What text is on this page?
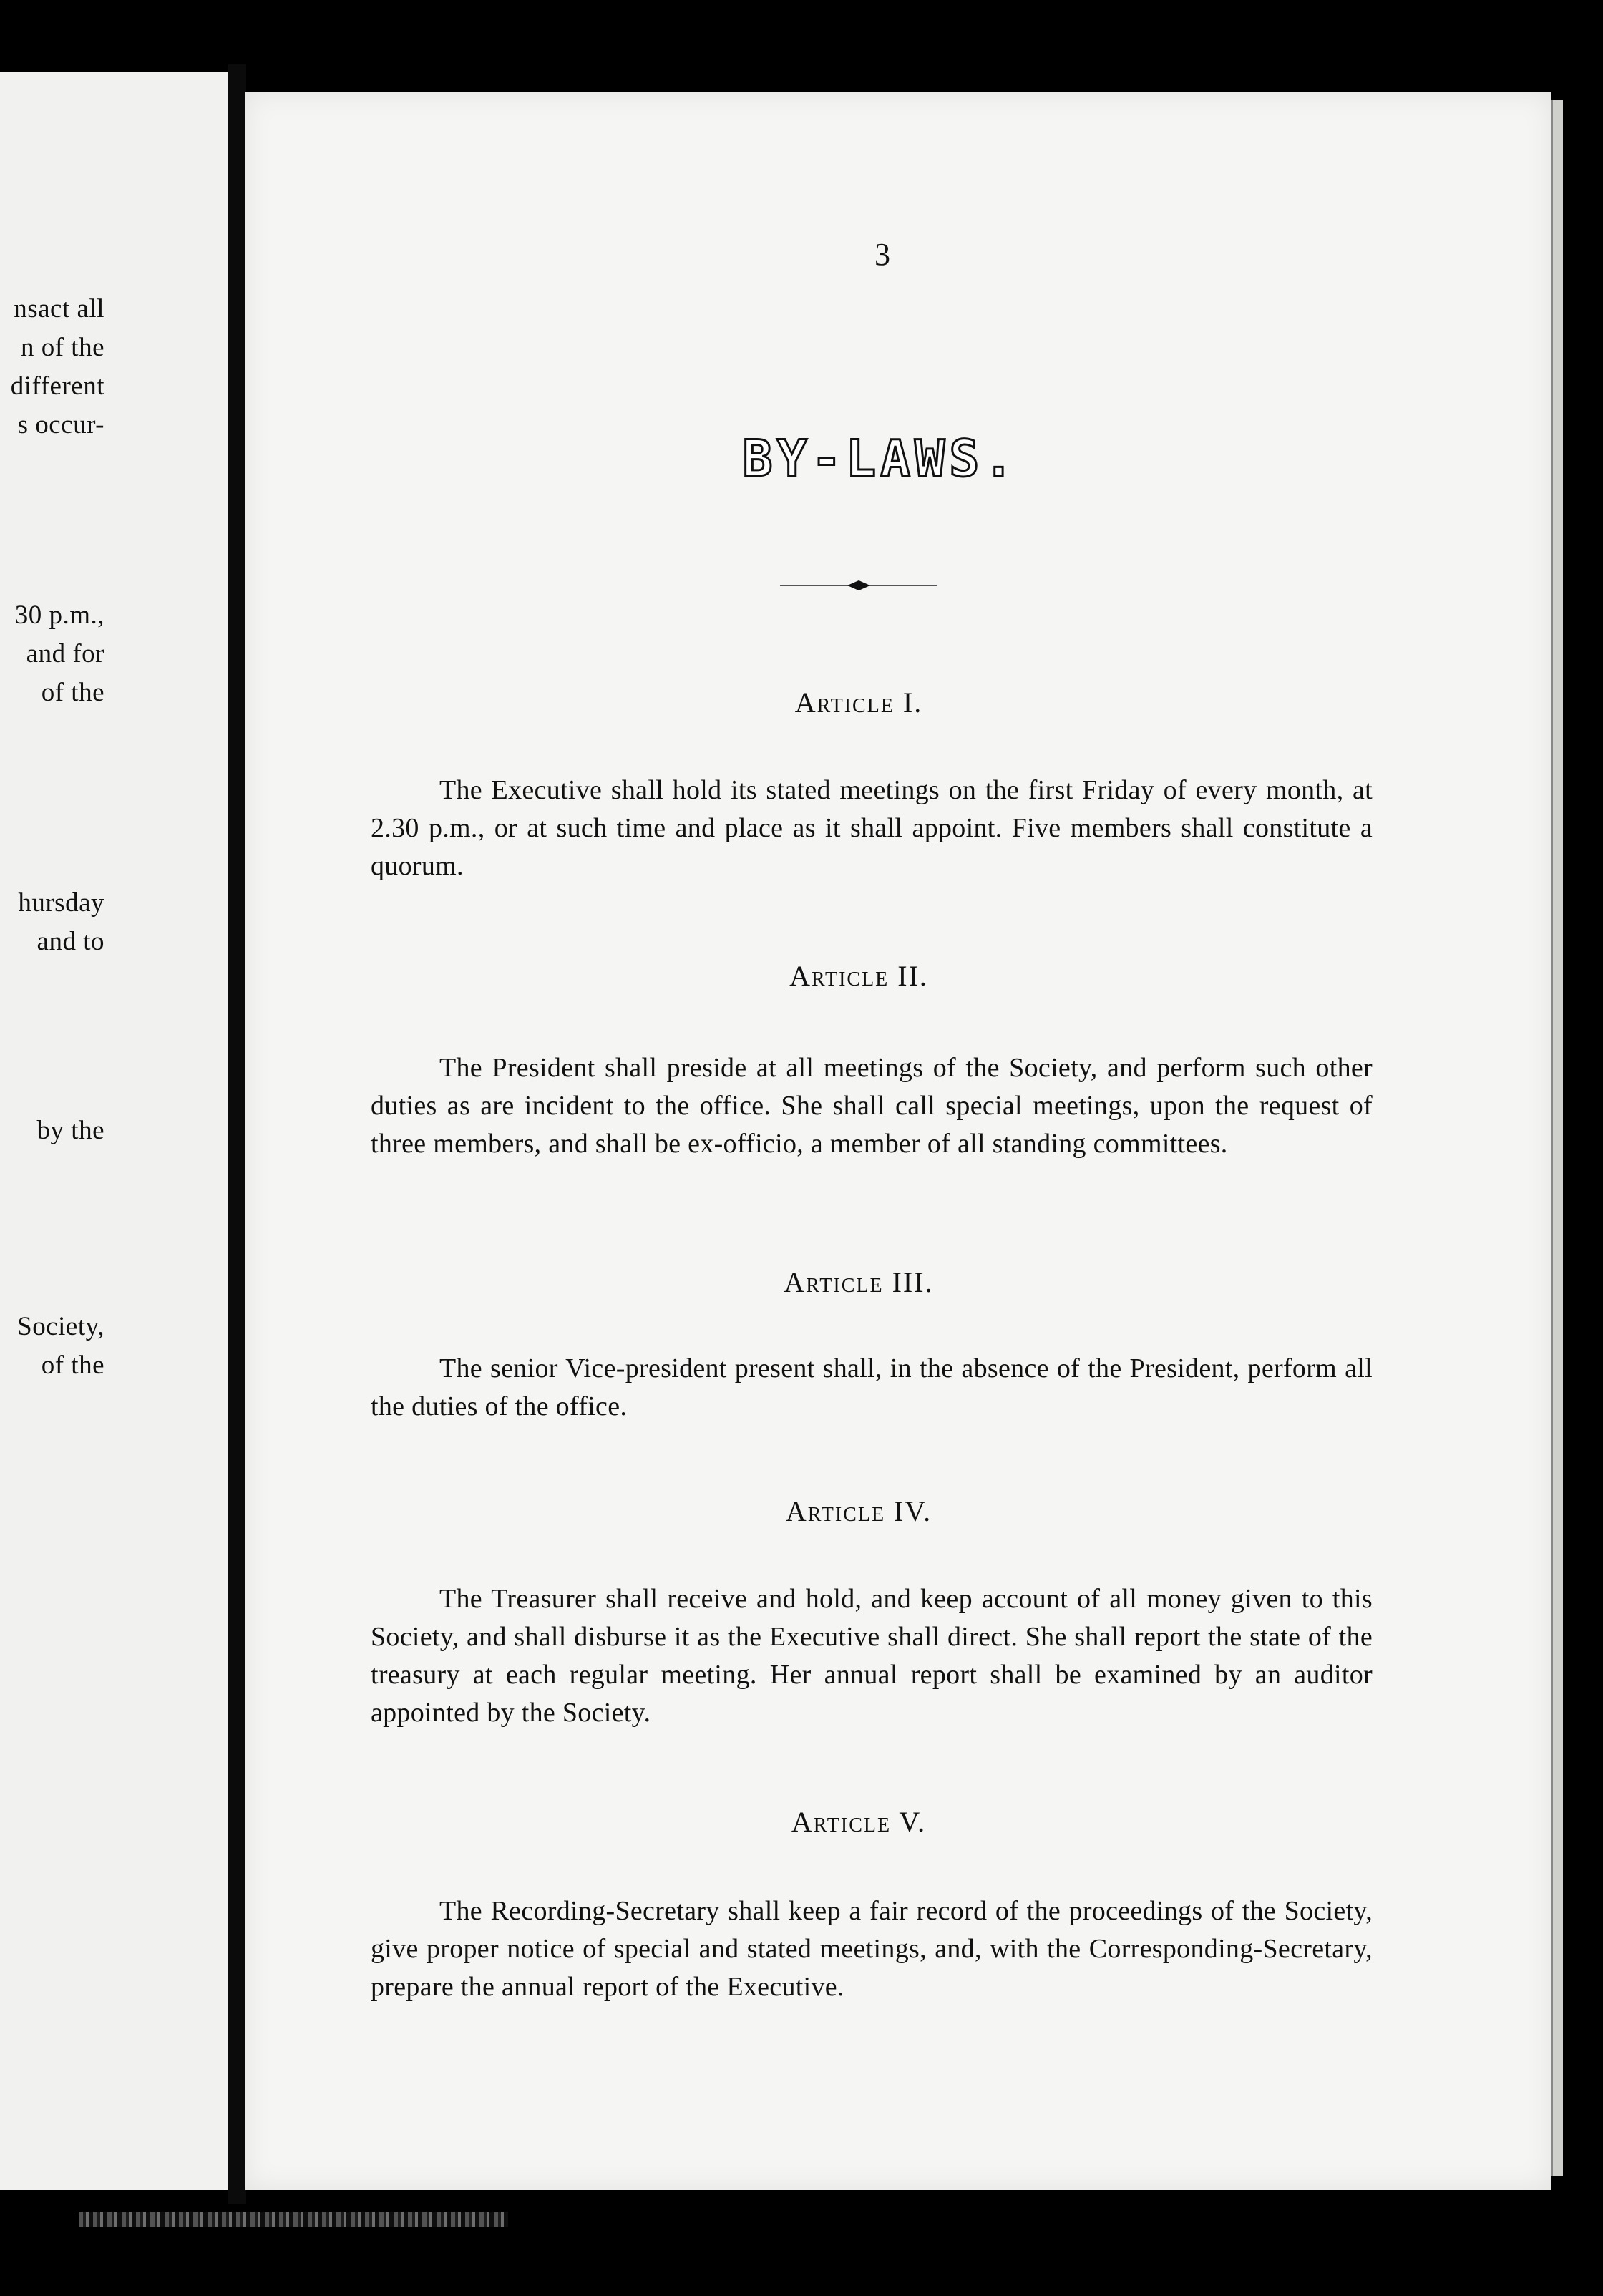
nsact all
n of the
different
s occur-
30 p.m.,
and for
of the
hursday
and to
by the
Society,
of the
3
BY-LAWS.
Article I.
The Executive shall hold its stated meetings on the first Friday of every month, at 2.30 p.m., or at such time and place as it shall appoint. Five members shall constitute a quorum.
Article II.
The President shall preside at all meetings of the Society, and perform such other duties as are incident to the office. She shall call special meetings, upon the request of three members, and shall be ex-officio, a member of all standing committees.
Article III.
The senior Vice-president present shall, in the absence of the President, perform all the duties of the office.
Article IV.
The Treasurer shall receive and hold, and keep account of all money given to this Society, and shall disburse it as the Executive shall direct. She shall report the state of the treasury at each regular meeting. Her annual report shall be examined by an auditor appointed by the Society.
Article V.
The Recording-Secretary shall keep a fair record of the proceedings of the Society, give proper notice of special and stated meetings, and, with the Corresponding-Secretary, prepare the annual report of the Executive.
